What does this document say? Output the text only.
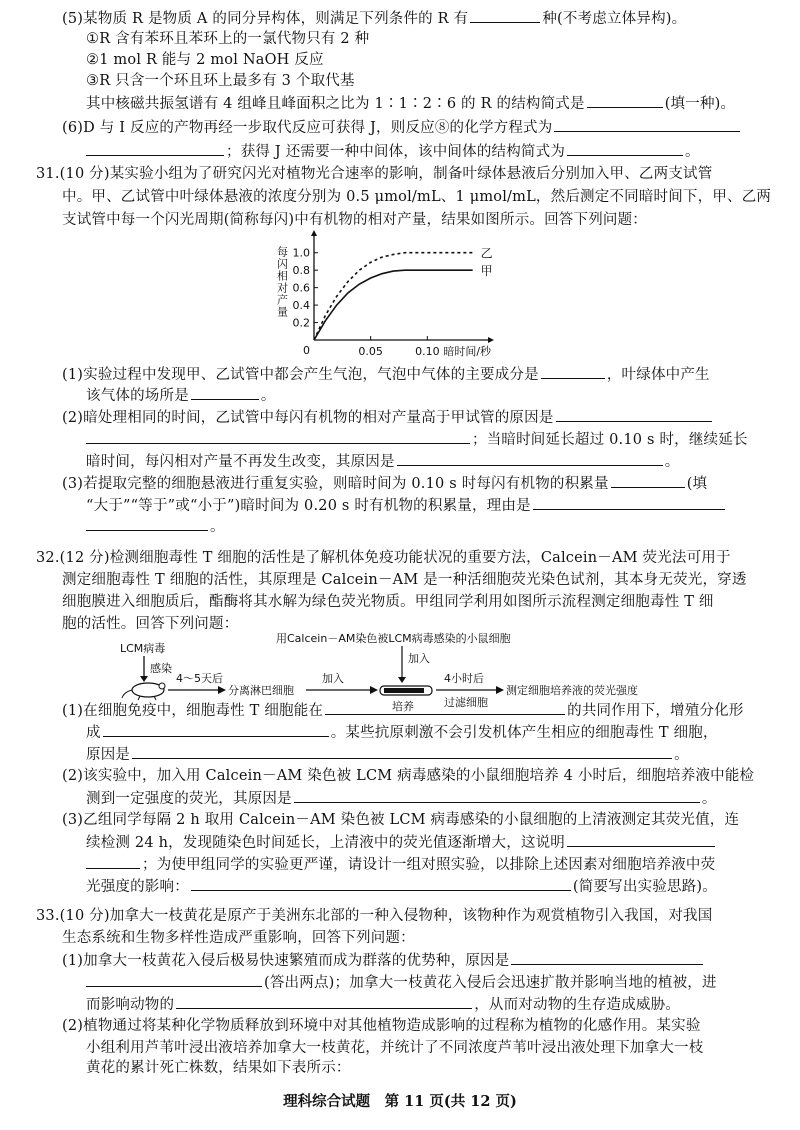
(5)某物质 R 是物质 A 的同分异构体，则满足下列条件的 R 有	种(不考虑立体异构)。
①R 含有苯环且苯环上的一氯代物只有 2 种
②1 mol R 能与 2 mol NaOH 反应
③R 只含一个环且环上最多有 3 个取代基
其中核磁共振氢谱有 4 组峰且峰面积之比为 1∶1∶2∶6 的 R 的结构简式是	(填一种)。
(6)D 与 I 反应的产物再经一步取代反应可获得 J，则反应⑧的化学方程式为
；获得 J 还需要一种中间体，该中间体的结构简式为	。
31.(10 分)某实验小组为了研究闪光对植物光合速率的影响，制备叶绿体悬液后分别加入甲、乙两支试管
中。甲、乙试管中叶绿体悬液的浓度分别为 0.5 μmol/mL、1 μmol/mL，然后测定不同暗时间下，甲、乙两
支试管中每一个闪光周期(简称每闪)中有机物的相对产量，结果如图所示。回答下列问题：
0.2
0.4
0.6
0.8
1.0
0.05	0.10
0	暗时间/秒
每闪相对产量	乙
甲
(1)实验过程中发现甲、乙试管中都会产生气泡，气泡中气体的主要成分是	，叶绿体中产生
该气体的场所是	。
(2)暗处理相同的时间，乙试管中每闪有机物的相对产量高于甲试管的原因是
；当暗时间延长超过 0.10 s 时，继续延长
暗时间，每闪相对产量不再发生改变，其原因是	。
(3)若提取完整的细胞悬液进行重复实验，则暗时间为 0.10 s 时每闪有机物的积累量	(填
“大于”“等于”或“小于”)暗时间为 0.20 s 时有机物的积累量，理由是
。
32.(12 分)检测细胞毒性 T 细胞的活性是了解机体免疫功能状况的重要方法，Calcein－AM 荧光法可用于
测定细胞毒性 T 细胞的活性，其原理是 Calcein－AM 是一种活细胞荧光染色试剂，其本身无荧光，穿透
细胞膜进入细胞质后，酯酶将其水解为绿色荧光物质。甲组同学利用如图所示流程测定细胞毒性 T 细
胞的活性。回答下列问题：
用Calcein－AM染色被LCM病毒感染的小鼠细胞
LCM病毒
感染
4～5天后
分离淋巴细胞
加入
加入
培养
4小时后
过滤细胞
测定细胞培养液的荧光强度
(1)在细胞免疫中，细胞毒性 T 细胞能在	的共同作用下，增殖分化形
成	。某些抗原刺激不会引发机体产生相应的细胞毒性 T 细胞，
原因是	。
(2)该实验中，加入用 Calcein－AM 染色被 LCM 病毒感染的小鼠细胞培养 4 小时后，细胞培养液中能检
测到一定强度的荧光，其原因是	。
(3)乙组同学每隔 2 h 取用 Calcein－AM 染色被 LCM 病毒感染的小鼠细胞的上清液测定其荧光值，连
续检测 24 h，发现随染色时间延长，上清液中的荧光值逐渐增大，这说明
；为使甲组同学的实验更严谨，请设计一组对照实验，以排除上述因素对细胞培养液中荧
光强度的影响：	(简要写出实验思路)。
33.(10 分)加拿大一枝黄花是原产于美洲东北部的一种入侵物种，该物种作为观赏植物引入我国，对我国
生态系统和生物多样性造成严重影响，回答下列问题：
(1)加拿大一枝黄花入侵后极易快速繁殖而成为群落的优势种，原因是
(答出两点)；加拿大一枝黄花入侵后会迅速扩散并影响当地的植被，进
而影响动物的	，从而对动物的生存造成威胁。
(2)植物通过将某种化学物质释放到环境中对其他植物造成影响的过程称为植物的化感作用。某实验
小组利用芦苇叶浸出液培养加拿大一枝黄花，并统计了不同浓度芦苇叶浸出液处理下加拿大一枝
黄花的累计死亡株数，结果如下表所示：
理科综合试题　第 11 页(共 12 页)
